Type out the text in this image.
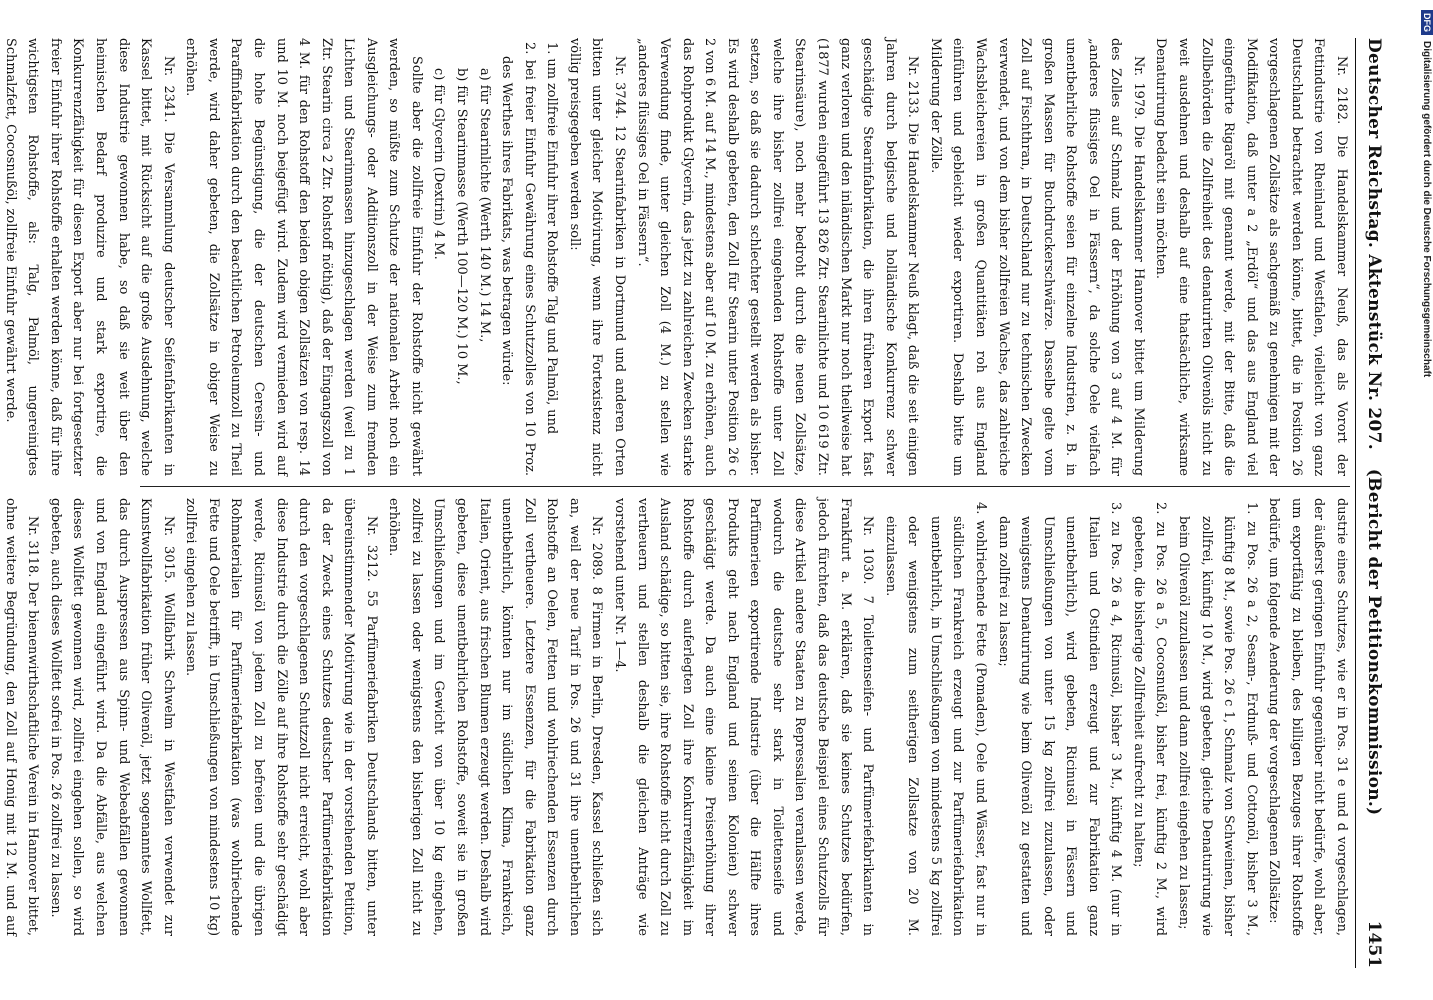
Deutscher Reichstag. Aktenstück Nr. 207.   (Bericht der Petitionskommission.)
1451

Nr. 2182. Die Handelskammer Neuß, das als Vorort der Fettindustrie von Rheinland und Westfalen, vielleicht von ganz Deutschland betrachtet werden könne, bittet, die in Position 26 vorgeschlagenen Zollsätze als sachgemäß zu genehmigen mit der Modifikation, daß unter a 2 „Erdöl“ und das aus England viel eingeführte Rigaröl mit genannt werde, mit der Bitte, daß die Zollbehörden die Zollfreiheit des denaturirten Olivenöls nicht zu weit ausdehnen und deshalb auf eine thatsächliche, wirksame Denaturirung bedacht sein möchten.

Nr. 1979. Die Handelskammer Hannover bittet um Milderung des Zolles auf Schmalz und der Erhöhung von 3 auf 4 M. für „anderes flüssiges Oel in Fässern“, da solche Oele vielfach unentbehrliche Rohstoffe seien für einzelne Industrien, z. B. in großen Massen für Buchdruckerschwärze. Dasselbe gelte vom Zoll auf Fischthran, in Deutschland nur zu technischen Zwecken verwendet, und von dem bisher zollfreien Wachse, das zahlreiche Wachsbleichereien in großen Quantitäten roh aus England einführen und gebleicht wieder exportiren. Deshalb bitte um Milderung der Zölle.

Nr. 2133. Die Handelskammer Neuß klagt, daß die seit einigen Jahren durch belgische und holländische Konkurrenz schwer geschädigte Stearinfabrikation, die ihren früheren Export fast ganz verloren und den inländischen Markt nur noch theilweise hat (1877 wurden eingeführt 13 826 Ztr. Stearinlichte und 10 619 Ztr. Stearinsäure), noch mehr bedroht durch die neuen Zollsätze, welche ihre bisher zollfrei eingehenden Rohstoffe unter Zoll setzen, so daß sie dadurch schlechter gestellt werden als bisher. Es wird deshalb gebeten, den Zoll für Stearin unter Position 26 c 2 von 6 M. auf 14 M., mindestens aber auf 10 M. zu erhöhen, auch das Rohprodukt Glycerin, das jetzt zu zahlreichen Zwecken starke Verwendung finde, unter gleichen Zoll (4 M.) zu stellen wie „anderes flüssiges Oel in Fässern“.

Nr. 3744. 12 Stearinfabriken in Dortmund und anderen Orten bitten unter gleicher Motivirung, wenn ihre Fortexistenz nicht völlig preisgegeben werden soll:

1. um zollfreie Einfuhr ihrer Rohstoffe Talg und Palmöl, und

2. bei freier Einfuhr Gewährung eines Schutzzolles von 10 Proz. des Werthes ihres Fabrikats, was betragen würde:

a) für Stearinlichte (Werth 140 M.) 14 M.,

b) für Stearinmasse (Werth 100—120 M.) 10 M.,

c) für Glycerin (Dextrin) 4 M.

Sollte aber die zollfreie Einfuhr der Rohstoffe nicht gewährt werden, so müßte zum Schutze der nationalen Arbeit noch ein Ausgleichungs- oder Additionszoll in der Weise zum fremden Lichten und Stearinmassen hinzugeschlagen werden (weil zu 1 Ztr. Stearin circa 2 Ztr. Rohstoff nöthig), daß der Eingangszoll von 4 M. für den Rohstoff den beiden obigen Zollsätzen von resp. 14 und 10 M. noch beigefügt wird. Zudem wird vermieden wird auf die hohe Begünstigung, die der deutschen Ceresin- und Paraffinfabrikation durch den beachtlichen Petroleumzoll zu Theil werde, wird daher gebeten, die Zollsätze in obiger Weise zu erhöhen.

Nr. 2341. Die Versammlung deutscher Seifenfabrikanten in Kassel bittet, mit Rücksicht auf die große Ausdehnung, welche diese Industrie gewonnen habe, so daß sie weit über den heimischen Bedarf produzire und stark exportire, die Konkurrenzfähigkeit für diesen Export aber nur bei fortgesetzter freier Einfuhr ihrer Rohstoffe erhalten werden könne, daß für ihre wichtigsten Rohstoffe, als: Talg, Palmöl, ungereinigtes Schmalzfett, Cocosnußöl, zollfreie Einfuhr gewährt werde.

dustrie eines Schutzes, wie er in Pos. 31 e und d vorgeschlagen, der äußerst geringen Einfuhr gegenüber nicht bedürfe, wohl aber, um exportfähig zu bleiben, des billigen Bezuges ihrer Rohstoffe bedürfe, um folgende Aenderung der vorgeschlagenen Zollsätze:

1. zu Pos. 26 a 2, Sesam-, Erdnuß- und Cottonöl, bisher 3 M., künftig 8 M., sowie Pos. 26 c 1, Schmalz von Schweinen, bisher zollfrei, künftig 10 M., wird gebeten, gleiche Denaturirung wie beim Olivenöl zuzulassen und dann zollfrei eingehen zu lassen;

2. zu Pos. 26 a 5, Cocosnußöl, bisher frei, künftig 2 M., wird gebeten, die bisherige Zollfreiheit aufrecht zu halten;

3. zu Pos. 26 a 4, Ricinusöl, bisher 3 M., künftig 4 M. (nur in Italien und Ostindien erzeugt und zur Fabrikation ganz unentbehrlich), wird gebeten, Ricinusöl in Fässern und Umschließungen von unter 15 kg zollfrei zuzulassen, oder wenigstens Denaturirung wie beim Olivenöl zu gestatten und dann zollfrei zu lassen;

4. wohlriechende Fette (Pomaden), Oele und Wässer, fast nur in südlichen Frankreich erzeugt und zur Parfümeriefabrikation unentbehrlich, in Umschließungen von mindestens 5 kg zollfrei oder wenigstens zum seitherigen Zollsatze von 20 M. einzulassen.

Nr. 1030. 7 Toilettenseifen- und Parfümeriefabrikanten in Frankfurt a. M. erklären, daß sie keines Schutzes bedürfen, jedoch fürchten, daß das deutsche Beispiel eines Schutzzolls für diese Artikel andere Staaten zu Repressalien veranlassen werde, wodurch die deutsche sehr stark in Toilettenseife und Parfümerieen exportirende Industrie (über die Hälfte ihres Produkts geht nach England und seinen Kolonien) schwer geschädigt werde. Da auch eine kleine Preiserhöhung ihrer Rohstoffe durch auferlegten Zoll ihre Konkurrenzfähigkeit im Ausland schädige, so bitten sie, ihre Rohstoffe nicht durch Zoll zu vertheuern und stellen deshalb die gleichen Anträge wie vorstehend unter Nr. 1—4.

Nr. 2089. 8 Firmen in Berlin, Dresden, Kassel schließen sich an, weil der neue Tarif in Pos. 26 und 31 ihre unentbehrlichen Rohstoffe an Oelen, Fetten und wohlriechenden Essenzen durch Zoll vertheuere. Letztere Essenzen, für die Fabrikation ganz unentbehrlich, könnten nur im südlichen Klima, Frankreich, Italien, Orient, aus frischen Blumen erzeugt werden. Deshalb wird gebeten, diese unentbehrlichen Rohstoffe, soweit sie in großen Umschließungen und im Gewicht von über 10 kg eingehen, zollfrei zu lassen oder wenigstens den bisherigen Zoll nicht zu erhöhen.

Nr. 3212. 55 Parfümeriefabriken Deutschlands bitten, unter übereinstimmender Motivirung wie in der vorstehenden Petition, da der Zweck eines Schutzes deutscher Parfümeriefabrikation durch den vorgeschlagenen Schutzzoll nicht erreicht, wohl aber diese Industrie durch die Zölle auf ihre Rohstoffe sehr geschädigt werde, Ricinusöl von jedem Zoll zu befreien und die übrigen Rohmaterialien für Parfümeriefabrikation (was wohlriechende Fette und Oele betrifft, in Umschließungen von mindestens 10 kg) zollfrei eingehen zu lassen.

Nr. 3015. Wollfabrik Schwelm in Westfalen verwendet zur Kunstwollfabrikation früher Olivenöl, jetzt sogenanntes Wollfett, das durch Auspressen aus Spinn- und Webeabfällen gewonnen und von England eingeführt wird. Da die Abfälle, aus welchen dieses Wollfett gewonnen wird, zollfrei eingehen sollen, so wird gebeten, auch dieses Wollfett sofrei in Pos. 26 zollfrei zu lassen.

Nr. 3118. Der bienenwirthschaftliche Verein in Hannover bittet, ohne weitere Begründung, den Zoll auf Honig mit 12 M. und auf

DFGDigitalisierung gefördert durch die Deutsche Forschungsgemeinschaft
